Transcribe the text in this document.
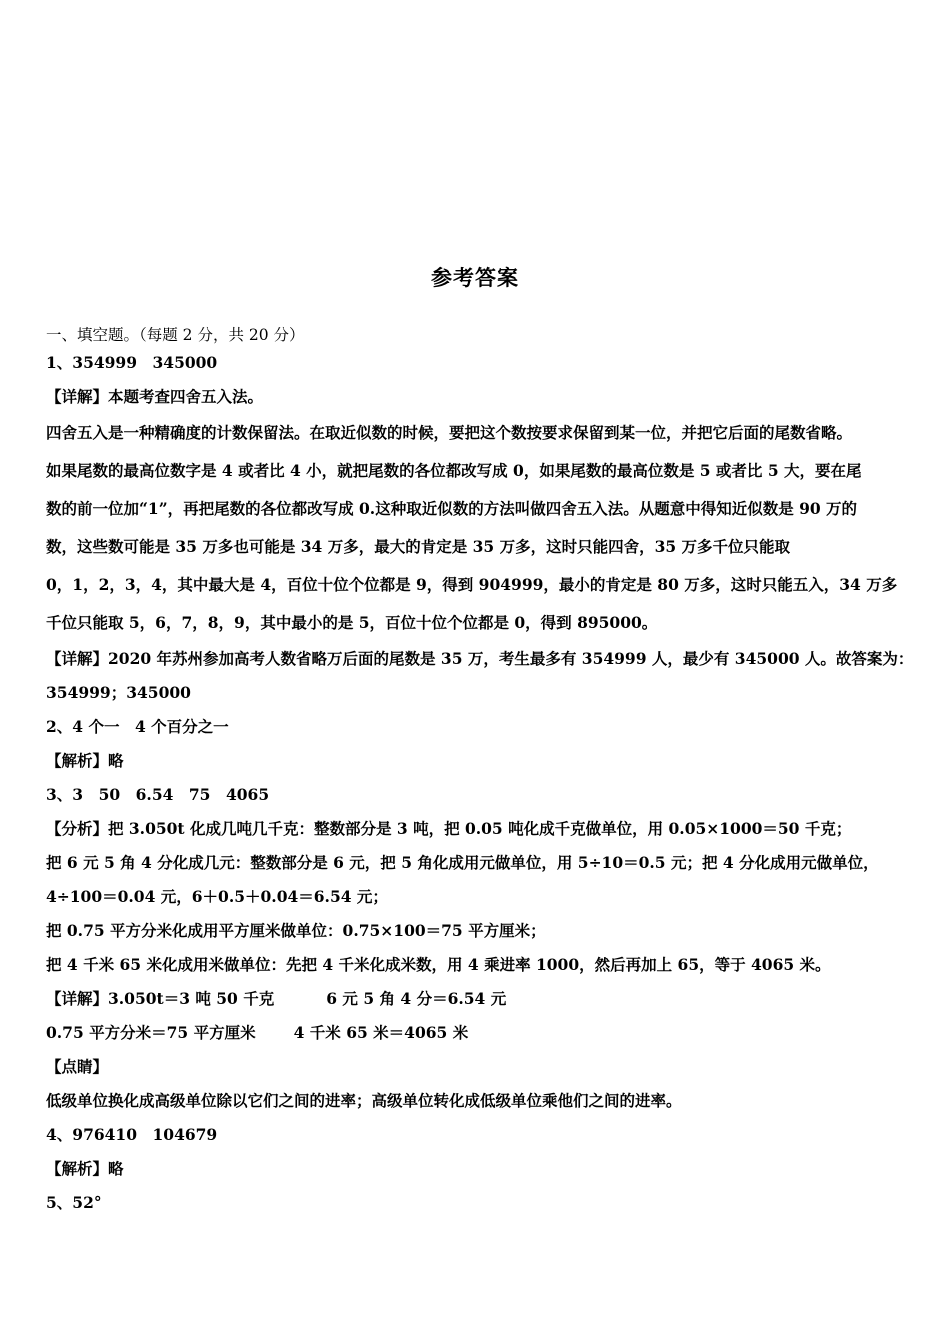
参考答案
一、填空题。（每题 2 分，共 20 分）
1、354999　345000
【详解】本题考查四舍五入法。
四舍五入是一种精确度的计数保留法。在取近似数的时候，要把这个数按要求保留到某一位，并把它后面的尾数省略。
如果尾数的最高位数字是 4 或者比 4 小，就把尾数的各位都改写成 0，如果尾数的最高位数是 5 或者比 5 大，要在尾
数的前一位加“1”，再把尾数的各位都改写成 0.这种取近似数的方法叫做四舍五入法。从题意中得知近似数是 90 万的
数，这些数可能是 35 万多也可能是 34 万多，最大的肯定是 35 万多，这时只能四舍，35 万多千位只能取
0，1，2，3，4，其中最大是 4，百位十位个位都是 9，得到 904999，最小的肯定是 80 万多，这时只能五入，34 万多
千位只能取 5，6，7，8，9，其中最小的是 5，百位十位个位都是 0，得到 895000。
【详解】2020 年苏州参加高考人数省略万后面的尾数是 35 万，考生最多有 354999 人，最少有 345000 人。故答案为：
354999；345000
2、4 个一　4 个百分之一
【解析】略
3、3　50　6.54　75　4065
【分析】把 3.050t 化成几吨几千克：整数部分是 3 吨，把 0.05 吨化成千克做单位，用 0.05×1000＝50 千克；
把 6 元 5 角 4 分化成几元：整数部分是 6 元，把 5 角化成用元做单位，用 5÷10＝0.5 元；把 4 分化成用元做单位，
4÷100＝0.04 元，6＋0.5＋0.04＝6.54 元；
把 0.75 平方分米化成用平方厘米做单位：0.75×100＝75 平方厘米；
把 4 千米 65 米化成用米做单位：先把 4 千米化成米数，用 4 乘进率 1000，然后再加上 65，等于 4065 米。
【详解】3.050t＝3 吨 50 千克	6 元 5 角 4 分＝6.54 元
0.75 平方分米＝75 平方厘米 4 千米 65 米＝4065 米
【点睛】
低级单位换化成高级单位除以它们之间的进率；高级单位转化成低级单位乘他们之间的进率。
4、976410　104679
【解析】略
5、52°
